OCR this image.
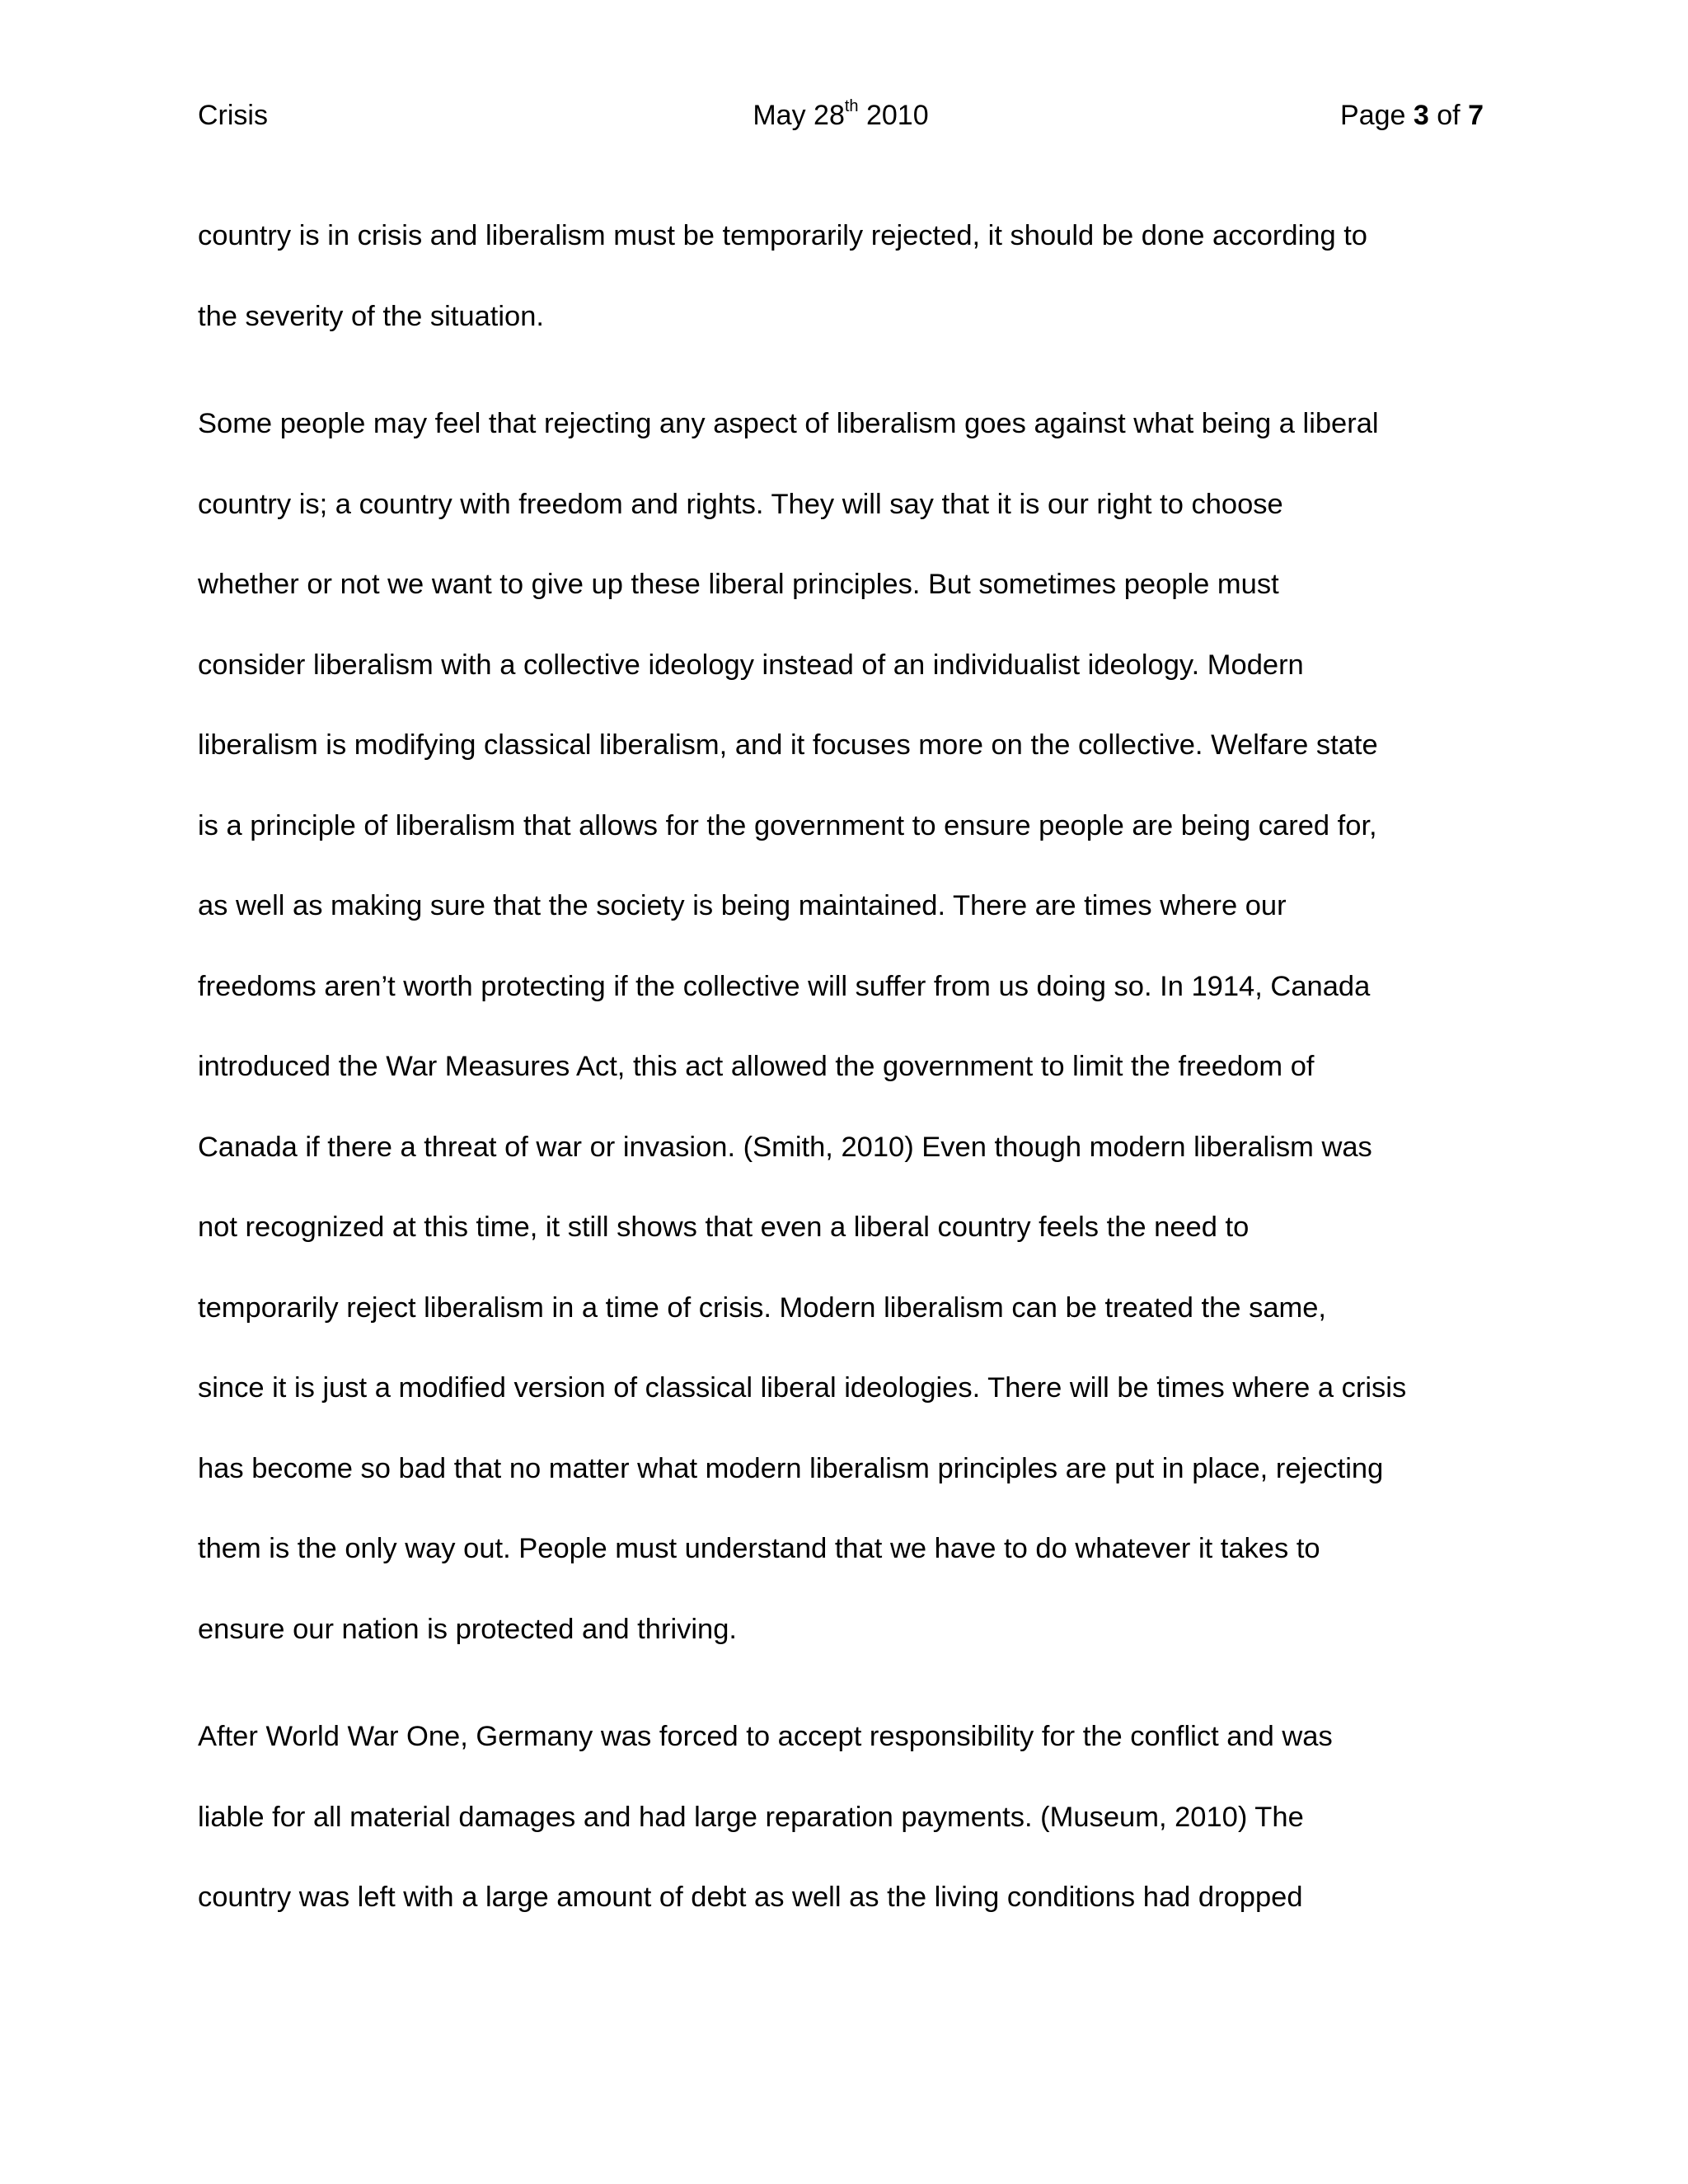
Crisis	May 28th 2010	Page 3 of 7

country is in crisis and liberalism must be temporarily rejected, it should be done according to
the severity of the situation.

Some people may feel that rejecting any aspect of liberalism goes against what being a liberal
country is; a country with freedom and rights. They will say that it is our right to choose
whether or not we want to give up these liberal principles. But sometimes people must
consider liberalism with a collective ideology instead of an individualist ideology. Modern
liberalism is modifying classical liberalism, and it focuses more on the collective. Welfare state
is a principle of liberalism that allows for the government to ensure people are being cared for,
as well as making sure that the society is being maintained. There are times where our
freedoms aren’t worth protecting if the collective will suffer from us doing so. In 1914, Canada
introduced the War Measures Act, this act allowed the government to limit the freedom of
Canada if there a threat of war or invasion. (Smith, 2010) Even though modern liberalism was
not recognized at this time, it still shows that even a liberal country feels the need to
temporarily reject liberalism in a time of crisis. Modern liberalism can be treated the same,
since it is just a modified version of classical liberal ideologies. There will be times where a crisis
has become so bad that no matter what modern liberalism principles are put in place, rejecting
them is the only way out. People must understand that we have to do whatever it takes to
ensure our nation is protected and thriving.

After World War One, Germany was forced to accept responsibility for the conflict and was
liable for all material damages and had large reparation payments. (Museum, 2010) The
country was left with a large amount of debt as well as the living conditions had dropped
